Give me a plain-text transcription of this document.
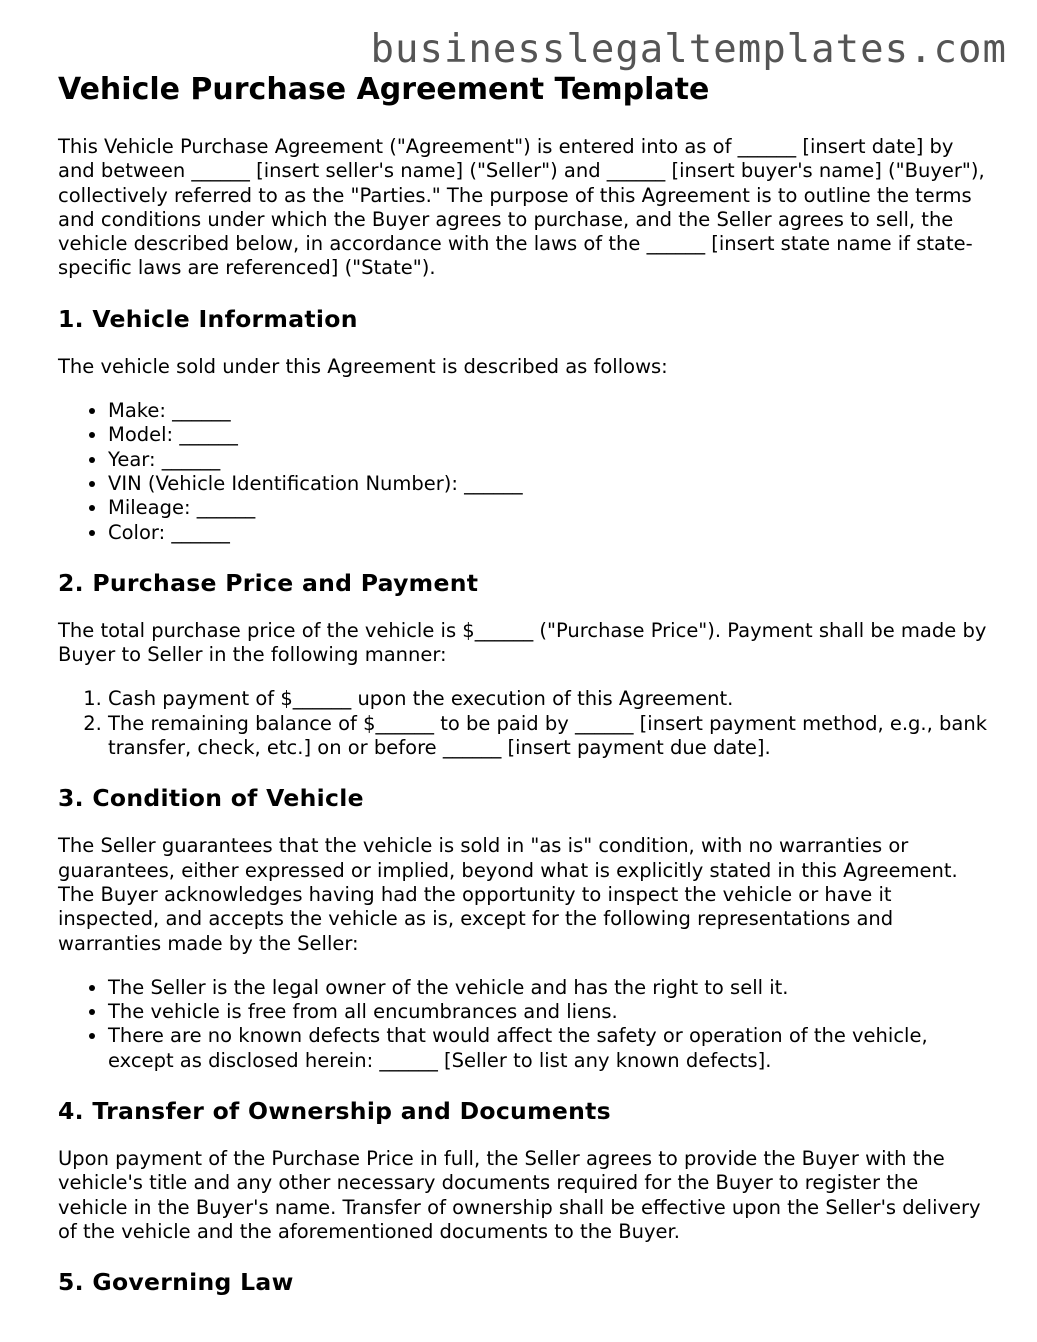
businesslegaltemplates.com
Vehicle Purchase Agreement Template

This Vehicle Purchase Agreement ("Agreement") is entered into as of ______ [insert date] by and between ______ [insert seller's name] ("Seller") and ______ [insert buyer's name] ("Buyer"), collectively referred to as the "Parties." The purpose of this Agreement is to outline the terms and conditions under which the Buyer agrees to purchase, and the Seller agrees to sell, the vehicle described below, in accordance with the laws of the ______ [insert state name if state-specific laws are referenced] ("State").

1. Vehicle Information

The vehicle sold under this Agreement is described as follows:

• Make: ______
• Model: ______
• Year: ______
• VIN (Vehicle Identification Number): ______
• Mileage: ______
• Color: ______
2. Purchase Price and Payment

The total purchase price of the vehicle is $______ ("Purchase Price"). Payment shall be made by Buyer to Seller in the following manner:

1. Cash payment of $______ upon the execution of this Agreement.
2. The remaining balance of $______ to be paid by ______ [insert payment method, e.g., bank transfer, check, etc.] on or before ______ [insert payment due date].
3. Condition of Vehicle

The Seller guarantees that the vehicle is sold in "as is" condition, with no warranties or guarantees, either expressed or implied, beyond what is explicitly stated in this Agreement. The Buyer acknowledges having had the opportunity to inspect the vehicle or have it inspected, and accepts the vehicle as is, except for the following representations and warranties made by the Seller:

• The Seller is the legal owner of the vehicle and has the right to sell it.
• The vehicle is free from all encumbrances and liens.
• There are no known defects that would affect the safety or operation of the vehicle, except as disclosed herein: ______ [Seller to list any known defects].
4. Transfer of Ownership and Documents

Upon payment of the Purchase Price in full, the Seller agrees to provide the Buyer with the vehicle's title and any other necessary documents required for the Buyer to register the vehicle in the Buyer's name. Transfer of ownership shall be effective upon the Seller's delivery of the vehicle and the aforementioned documents to the Buyer.

5. Governing Law
